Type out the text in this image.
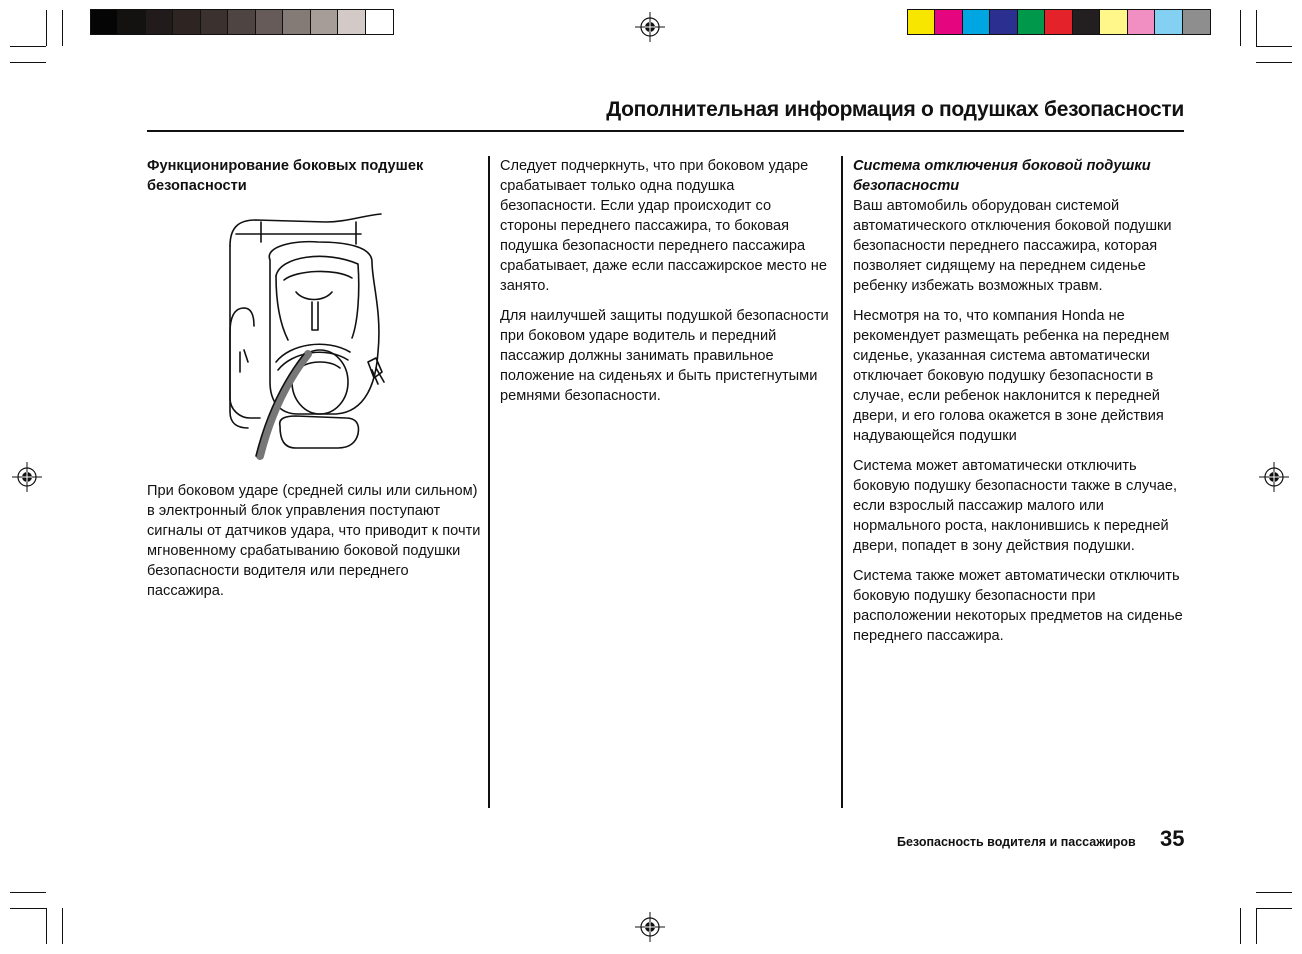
Дополнительная информация о подушках безопасности

Функционирование боковых подушек безопасности

При боковом ударе (средней силы или сильном) в электронный блок управления поступают сигналы от датчиков удара, что приводит к почти мгновенному срабатыванию боковой подушки безопасности водителя или переднего пассажира.

Следует подчеркнуть, что при боковом ударе срабатывает только одна подушка безопасности. Если удар происходит со стороны переднего пассажира, то боковая подушка безопасности переднего пассажира срабатывает, даже если пассажирское место не занято.

Для наилучшей защиты подушкой безопасности при боковом ударе водитель и передний пассажир должны занимать правильное положение на сиденьях и быть пристегнутыми ремнями безопасности.

Система отключения боковой подушки безопасности
Ваш автомобиль оборудован системой автоматического отключения боковой подушки безопасности переднего пассажира, которая позволяет сидящему на переднем сиденье ребенку избежать возможных травм.

Несмотря на то, что компания Honda не рекомендует размещать ребенка на переднем сиденье, указанная система автоматически отключает боковую подушку безопасности в случае, если ребенок наклонится к передней двери, и его голова окажется в зоне действия надувающейся подушки

Система может автоматически отключить боковую подушку безопасности также в случае, если взрослый пассажир малого или нормального роста, наклонившись к передней двери, попадет в зону действия подушки.

Система также может автоматически отключить боковую подушку безопасности при расположении некоторых предметов на сиденье переднего пассажира.

Безопасность водителя и пассажиров 35
